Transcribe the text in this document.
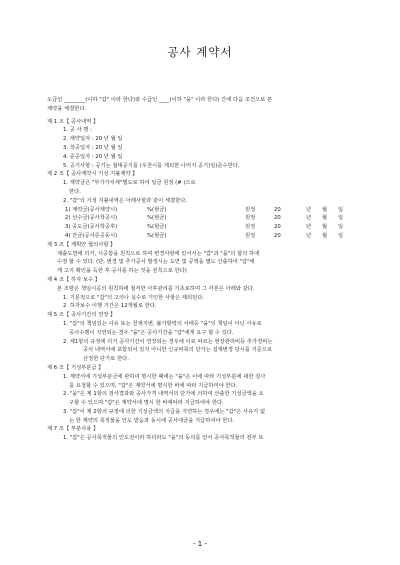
공사 계약서

도급인 ________(이하 "갑" 이라 한다)와 수급인 ____(이하 "을" 이라 한다) 간에 다음 조건으로 본

계약을 체결한다.

제 1 조【 공사내역 】

1. 공 사 명 :

2. 계약일자 : 20 년 월 일

3. 착공일자 : 20 년 월 일

4. 준공일자 : 20 년 월 일

5. 공기사항 : 공기는 철대공기를 (우천시를 제외한 나머지 공기)임)준수한다.

제 2 조【 공사계약시 기성 지불계약 】

1. 계약금은 "부가가치세"별도로 하여 일금 원정 (# )으로

한다.

2. "갑"의 기성 지불내역은 아래사항과 같이 체결한다.

1) 계약금(공사계약시)	%(현금)	원정	20	년	월	일
2) 선수금(공사착공시)	%(현금)	원정	20	년	월	일
3) 중도금(공사착공후)	%(현금)	원정	20	년	월	일
4) 잔금(공사준공동시)	%(현금)	원정	20	년	월	일

제 3 조【 계획안 협의사항 】

제출도면에 의거, 시공함을 원칙으로 하며 변경사항에 있어서는 "갑"과 "을"의 합의 하에

수정 할 수 있다. (단, 변경 및 추가공사 발생시는 도면 및 공액을 별도 산출하여 "갑"에

게 고지 확인을 득한 후 공사를 하는 것을 원칙으로 한다)

제 4 조【 하자 보수 】

본 조항은 책임시공의 원칙하에 철저한 사후관리를 기초로하며 그 각론은 아래와 같다.

1. 기문적으로 "갑"의 고의나 실수로 기인한 사항은 제외된다.

2. 하자보수 이행 기간은 12개월로 한다.

제 5 조【 공사기간의 연장 】

1. "갑"의 책임있는 사유 또는 천재지변, 불가항력의 사태등 "을"의 책임이 아닌 사유로

공사수행이 지연되는 경우 "을"은 공사기간을 "갑"에게 요구 할 수 있다.

2. 제1항의 규정에 의거 공사기간이 연장되는 경우에 이로 따르는 현장관리비등 추가경비는

공사 내역서에 포함되어 있지 아니한 신규비목의 단가는 설계변경 당시를 기준으로

산정한 단가로 한다.

제 6 조【 기성부분급 】

1. 계약서에 기성부분금에 관하여 명시한 때에는 "을"은 이에 따라 기성부분에 대한 검사

를 요청할 수 있으며, "갑"은 계약서에 명시한 바에 따라 지급하여야 한다.

2. "을"은 제 1항의 검사결과와 공사가격 내역서의 단가에 의하여 산출한 기성금액을 요

구할 수 있으며 "갑"은 계약서에 명시 한 바에따라 지급하여야 한다.

3. "갑"이 제 2항의 규정에 의한 기성금액의 지급을 지연하는 경우에는 "갑"은 사유가 없

는 한 계약의 목적물을 인도 받음과 동시에 공사대금을 지급하여야 한다.

제 7 조【 부분사용 】

1. "갑"은 공사목적물의 인도전이라 하더라도 "을"의 동의를 얻어 공사목적물의 전부 또

- 1 -
